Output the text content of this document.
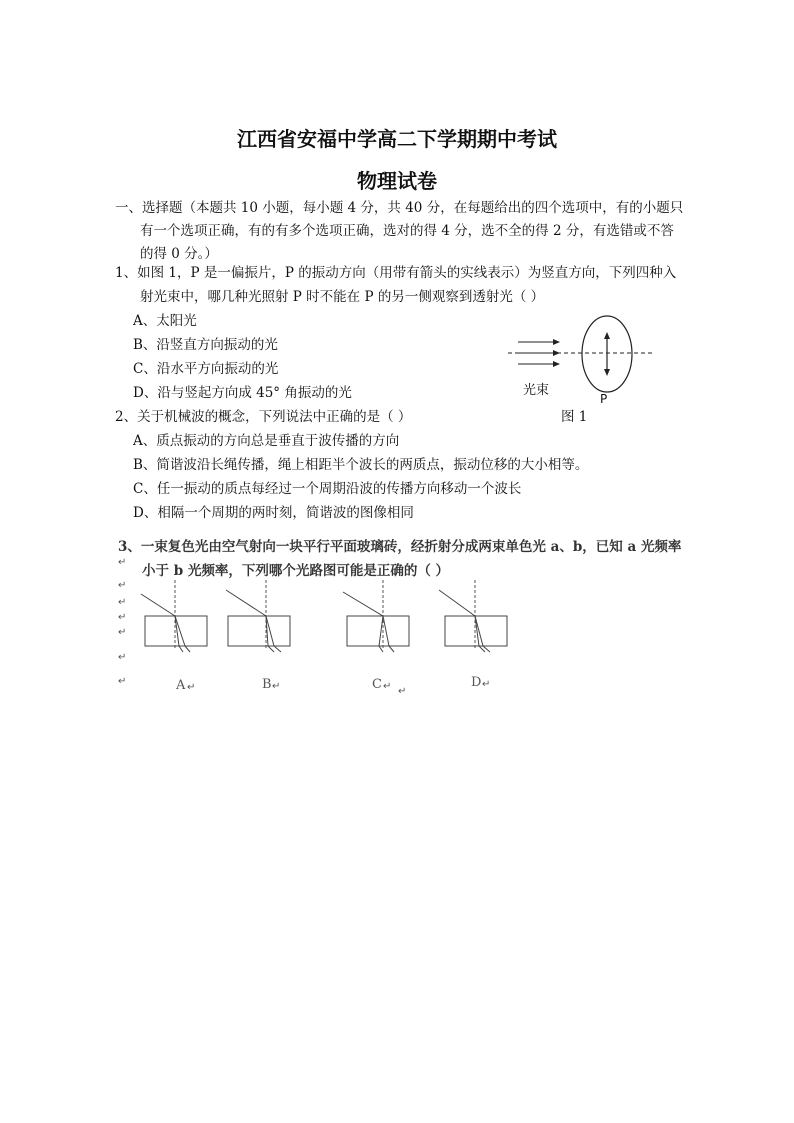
江西省安福中学高二下学期期中考试
物理试卷
一、选择题（本题共 10 小题，每小题 4 分，共 40 分，在每题给出的四个选项中，有的小题只
有一个选项正确，有的有多个选项正确，选对的得 4 分，选不全的得 2 分，有选错或不答
的得 0 分。）
1、如图 1，P 是一偏振片，P 的振动方向（用带有箭头的实线表示）为竖直方向，下列四种入
射光束中，哪几种光照射 P 时不能在 P 的另一侧观察到透射光（ ）
A、太阳光
B、沿竖直方向振动的光
C、沿水平方向振动的光
D、沿与竖起方向成 45° 角振动的光	光束
P
图 1
2、关于机械波的概念，下列说法中正确的是（ ）
A、质点振动的方向总是垂直于波传播的方向
B、简谐波沿长绳传播，绳上相距半个波长的两质点，振动位移的大小相等。
C、任一振动的质点每经过一个周期沿波的传播方向移动一个波长
D、相隔一个周期的两时刻，简谐波的图像相同
3、一束复色光由空气射向一块平行平面玻璃砖，经折射分成两束单色光 a、b，已知 a 光频率
小于 b 光频率，下列哪个光路图可能是正确的（ ）
↵
↵
↵
↵
↵
↵
↵	A ↵	B ↵	C ↵ ↵
D ↵
